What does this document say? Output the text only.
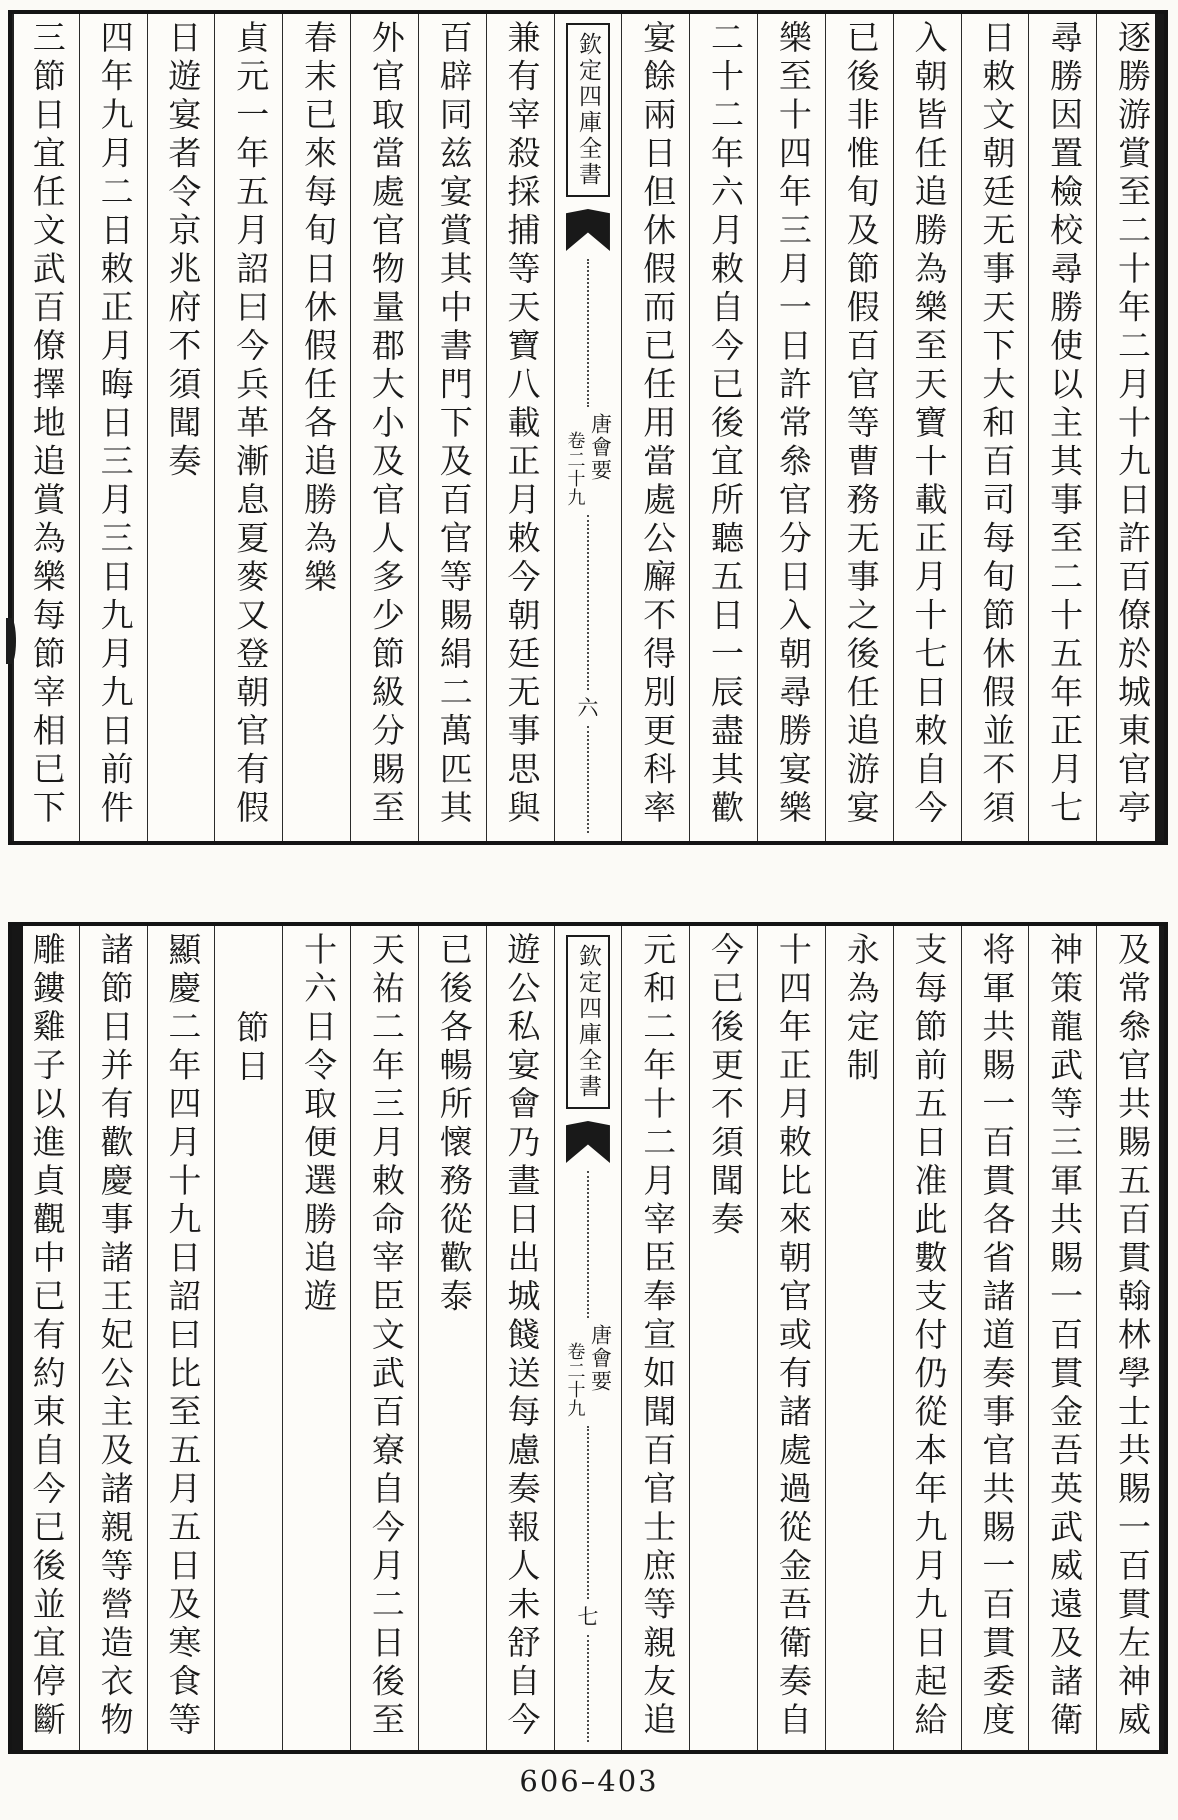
逐勝游賞至二十年二月十九日許百僚於城東官亭
尋勝因置檢校尋勝使以主其事至二十五年正月七
日敕文朝廷无事天下大和百司每旬節休假並不須
入朝皆任追勝為樂至天寶十載正月十七日敕自今
已後非惟旬及節假百官等曹務无事之後任追游宴
樂至十四年三月一日許常叅官分日入朝尋勝宴樂
二十二年六月敕自今已後宜所聽五日一辰盡其歡
宴餘兩日但休假而已任用當處公廨不得別更科率
欽定四庫全書
唐會要
卷二十九
六
兼有宰殺採捕等天寶八載正月敕今朝廷无事思與
百辟同兹宴賞其中書門下及百官等賜絹二萬匹其
外官取當處官物量郡大小及官人多少節級分賜至
春末已來每旬日休假任各追勝為樂
貞元一年五月詔曰今兵革漸息夏麥又登朝官有假
日遊宴者令京兆府不須聞奏
四年九月二日敕正月晦日三月三日九月九日前件
三節日宜任文武百僚擇地追賞為樂每節宰相已下
及常叅官共賜五百貫翰林學士共賜一百貫左神威
神策龍武等三軍共賜一百貫金吾英武威遠及諸衛
将軍共賜一百貫各省諸道奏事官共賜一百貫委度
支每節前五日准此數支付仍從本年九月九日起給
永為定制
十四年正月敕比來朝官或有諸處過從金吾衛奏自
今已後更不須聞奏
元和二年十二月宰臣奉宣如聞百官士庶等親友追
欽定四庫全書
唐會要
卷二十九
七
遊公私宴會乃晝日出城餞送每慮奏報人未舒自今
已後各暢所懷務從歡泰
天祐二年三月敕命宰臣文武百寮自今月二日後至
十六日令取便選勝追遊
節日
顯慶二年四月十九日詔曰比至五月五日及寒食等
諸節日并有歡慶事諸王妃公主及諸親等營造衣物
雕鏤雞子以進貞觀中已有約束自今已後並宜停斷
606–403
